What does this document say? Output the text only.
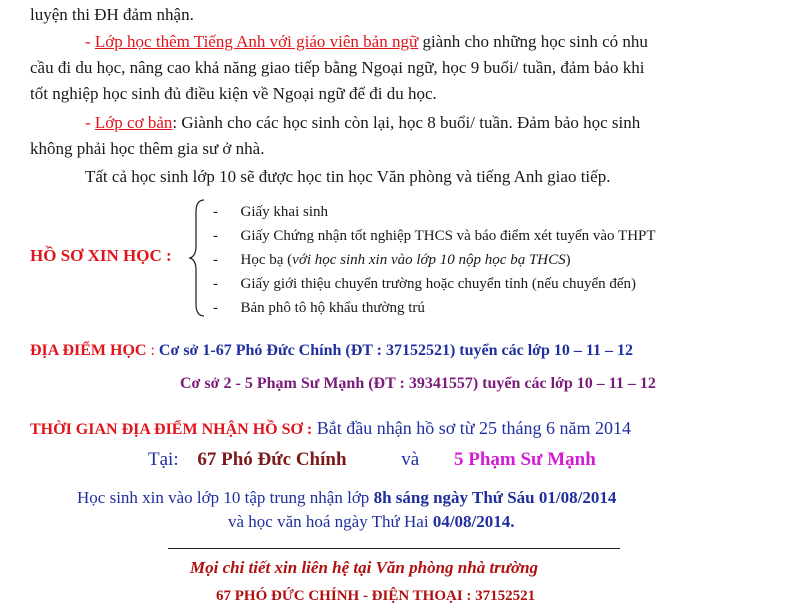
luyện thi ĐH đảm nhận.
- Lớp học thêm Tiếng Anh với giáo viên bản ngữ giành cho những học sinh có nhu
cầu đi du học, nâng cao khả năng giao tiếp bằng Ngoại ngữ, học 9 buổi/ tuần, đảm bảo khi
tốt nghiệp học sinh đủ điều kiện về Ngoại ngữ để đi du học.
- Lớp cơ bản: Giành cho các học sinh còn lại, học 8 buổi/ tuần. Đảm bảo học sinh
không phải học thêm gia sư ở nhà.
Tất cả học sinh lớp 10 sẽ được học tin học Văn phòng và tiếng Anh giao tiếp.
HỒ SƠ XIN HỌC :
-      Giấy khai sinh
-      Giấy Chứng nhận tốt nghiệp THCS và báo điểm xét tuyển vào THPT
-      Học bạ (với học sinh xin vào lớp 10 nộp học bạ THCS)
-      Giấy giới thiệu chuyển trường hoặc chuyển tỉnh (nếu chuyển đến)
-      Bản phô tô hộ khẩu thường trú
ĐỊA ĐIỂM HỌC : Cơ sở 1-67 Phó Đức Chính (ĐT : 37152521) tuyển các lớp 10 – 11 – 12
Cơ sở 2 - 5 Phạm Sư Mạnh (ĐT : 39341557) tuyển các lớp 10 – 11 – 12
THỜI GIAN ĐỊA ĐIỂM NHẬN HỒ SƠ : Bắt đầu nhận hồ sơ từ 25 tháng 6 năm 2014
Tại: 67 Phó Đức Chính	và 5 Phạm Sư Mạnh
Học sinh xin vào lớp 10 tập trung nhận lớp 8h sáng ngày Thứ Sáu 01/08/2014
và học văn hoá ngày Thứ Hai 04/08/2014.
Mọi chi tiết xin liên hệ tại Văn phòng nhà trường
67 PHÓ ĐỨC CHÍNH - ĐIỆN THOẠI : 37152521
